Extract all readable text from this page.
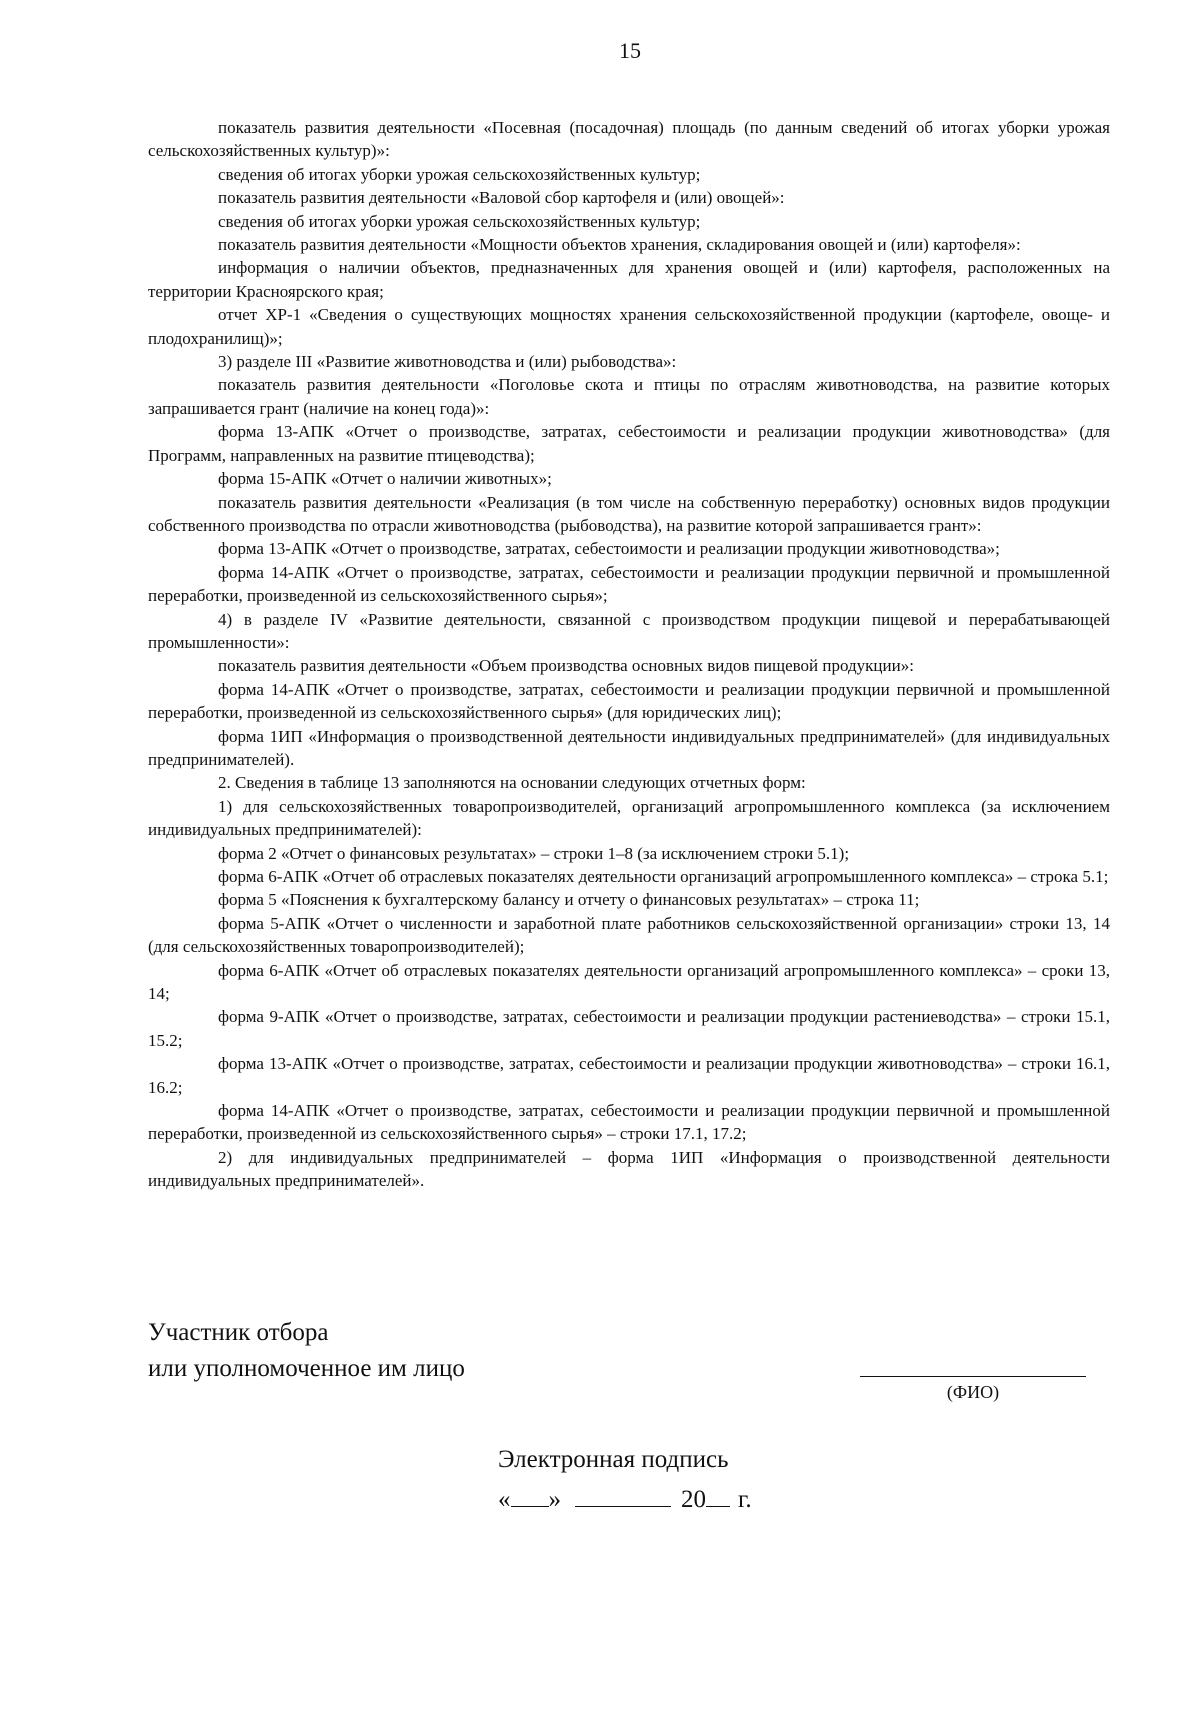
15

показатель развития деятельности «Посевная (посадочная) площадь (по данным сведений об итогах уборки урожая сельскохозяйственных культур)»:

сведения об итогах уборки урожая сельскохозяйственных культур;

показатель развития деятельности «Валовой сбор картофеля и (или) овощей»:

сведения об итогах уборки урожая сельскохозяйственных культур;

показатель развития деятельности «Мощности объектов хранения, складирования овощей и (или) картофеля»:

информация о наличии объектов, предназначенных для хранения овощей и (или) картофеля, расположенных на территории Красноярского края;

отчет ХР-1 «Сведения о существующих мощностях хранения сельскохозяйственной продукции (картофеле, овоще- и плодохранилищ)»;

3) разделе III «Развитие животноводства и (или) рыбоводства»:

показатель развития деятельности «Поголовье скота и птицы по отраслям животноводства, на развитие которых запрашивается грант (наличие на конец года)»:

форма 13-АПК «Отчет о производстве, затратах, себестоимости и реализации продукции животноводства» (для Программ, направленных на развитие птицеводства);

форма 15-АПК «Отчет о наличии животных»;

показатель развития деятельности «Реализация (в том числе на собственную переработку) основных видов продукции собственного производства по отрасли животноводства (рыбоводства), на развитие которой запрашивается грант»:

форма 13-АПК «Отчет о производстве, затратах, себестоимости и реализации продукции животноводства»;

форма 14-АПК «Отчет о производстве, затратах, себестоимости и реализации продукции первичной и промышленной переработки, произведенной из сельскохозяйственного сырья»;

4) в разделе IV «Развитие деятельности, связанной с производством продукции пищевой и перерабатывающей промышленности»:

показатель развития деятельности «Объем производства основных видов пищевой продукции»:

форма 14-АПК «Отчет о производстве, затратах, себестоимости и реализации продукции первичной и промышленной переработки, произведенной из сельскохозяйственного сырья» (для юридических лиц);

форма 1ИП «Информация о производственной деятельности индивидуальных предпринимателей» (для индивидуальных предпринимателей).

2. Сведения в таблице 13 заполняются на основании следующих отчетных форм:

1) для сельскохозяйственных товаропроизводителей, организаций агропромышленного комплекса (за исключением индивидуальных предпринимателей):

форма 2 «Отчет о финансовых результатах» – строки 1–8 (за исключением строки 5.1);

форма 6-АПК «Отчет об отраслевых показателях деятельности организаций агропромышленного комплекса» – строка 5.1;

форма 5 «Пояснения к бухгалтерскому балансу и отчету о финансовых результатах» – строка 11;

форма 5-АПК «Отчет о численности и заработной плате работников сельскохозяйственной организации» строки 13, 14 (для сельскохозяйственных товаропроизводителей);

форма 6-АПК «Отчет об отраслевых показателях деятельности организаций агропромышленного комплекса» – сроки 13, 14;

форма 9-АПК «Отчет о производстве, затратах, себестоимости и реализации продукции растениеводства» – строки 15.1, 15.2;

форма 13-АПК «Отчет о производстве, затратах, себестоимости и реализации продукции животноводства» – строки 16.1, 16.2;

форма 14-АПК «Отчет о производстве, затратах, себестоимости и реализации продукции первичной и промышленной переработки, произведенной из сельскохозяйственного сырья» – строки 17.1, 17.2;

2) для индивидуальных предпринимателей – форма 1ИП «Информация о производственной деятельности индивидуальных предпринимателей».

Участник отбора
или уполномоченное им лицо
(ФИО)
Электронная подпись
« »	20 г.
